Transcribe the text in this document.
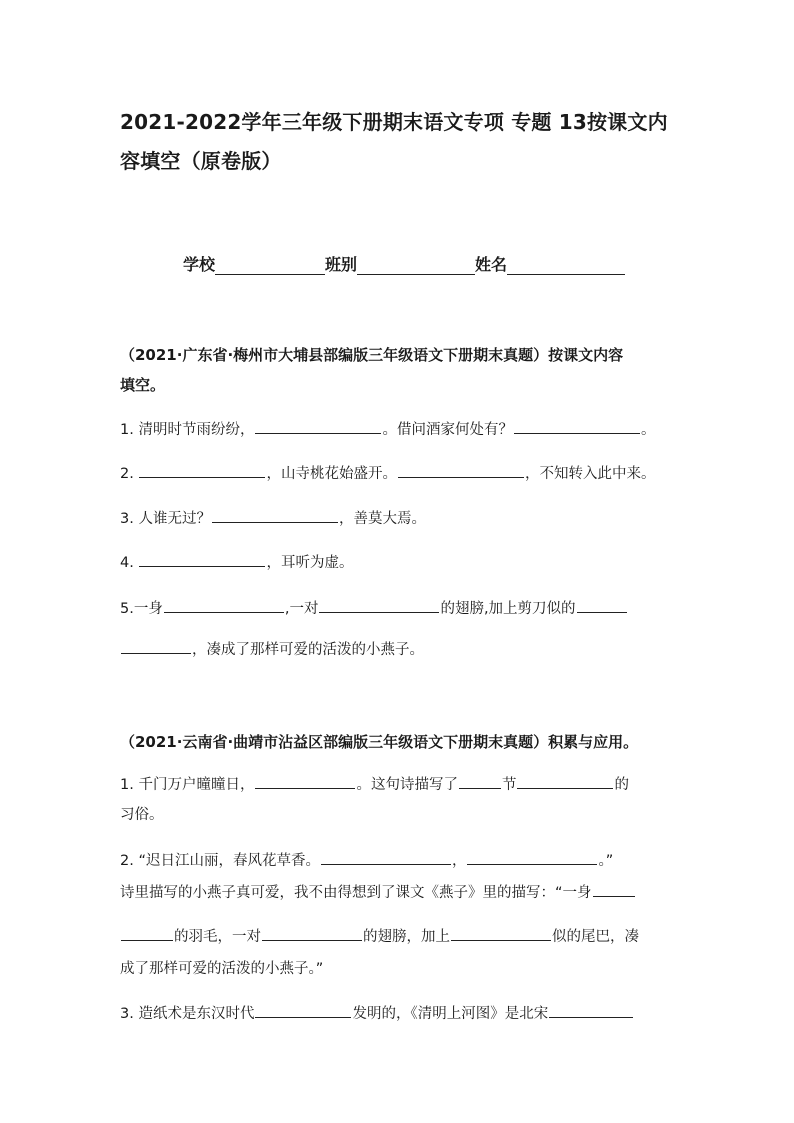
2021-2022学年三年级下册期末语文专项 专题 13按课文内
容填空（原卷版）
学校	班别	姓名
（2021·广东省·梅州市大埔县部编版三年级语文下册期末真题）按课文内容
填空。
1. 清明时节雨纷纷，	。借问酒家何处有？	。
2.	，山寺桃花始盛开。	，不知转入此中来。
3. 人谁无过？	，善莫大焉。
4.	，耳听为虚。
5.一身	,一对	的翅膀,加上剪刀似的
，凑成了那样可爱的活泼的小燕子。
（2021·云南省·曲靖市沾益区部编版三年级语文下册期末真题）积累与应用。
1. 千门万户曈曈日，	。这句诗描写了	节	的
习俗。
2. “迟日江山丽，春风花草香。	，	。”
诗里描写的小燕子真可爱，我不由得想到了课文《燕子》里的描写：“一身
的羽毛，一对	的翅膀，加上	似的尾巴，凑
成了那样可爱的活泼的小燕子。”
3. 造纸术是东汉时代	发明的，《清明上河图》是北宋
